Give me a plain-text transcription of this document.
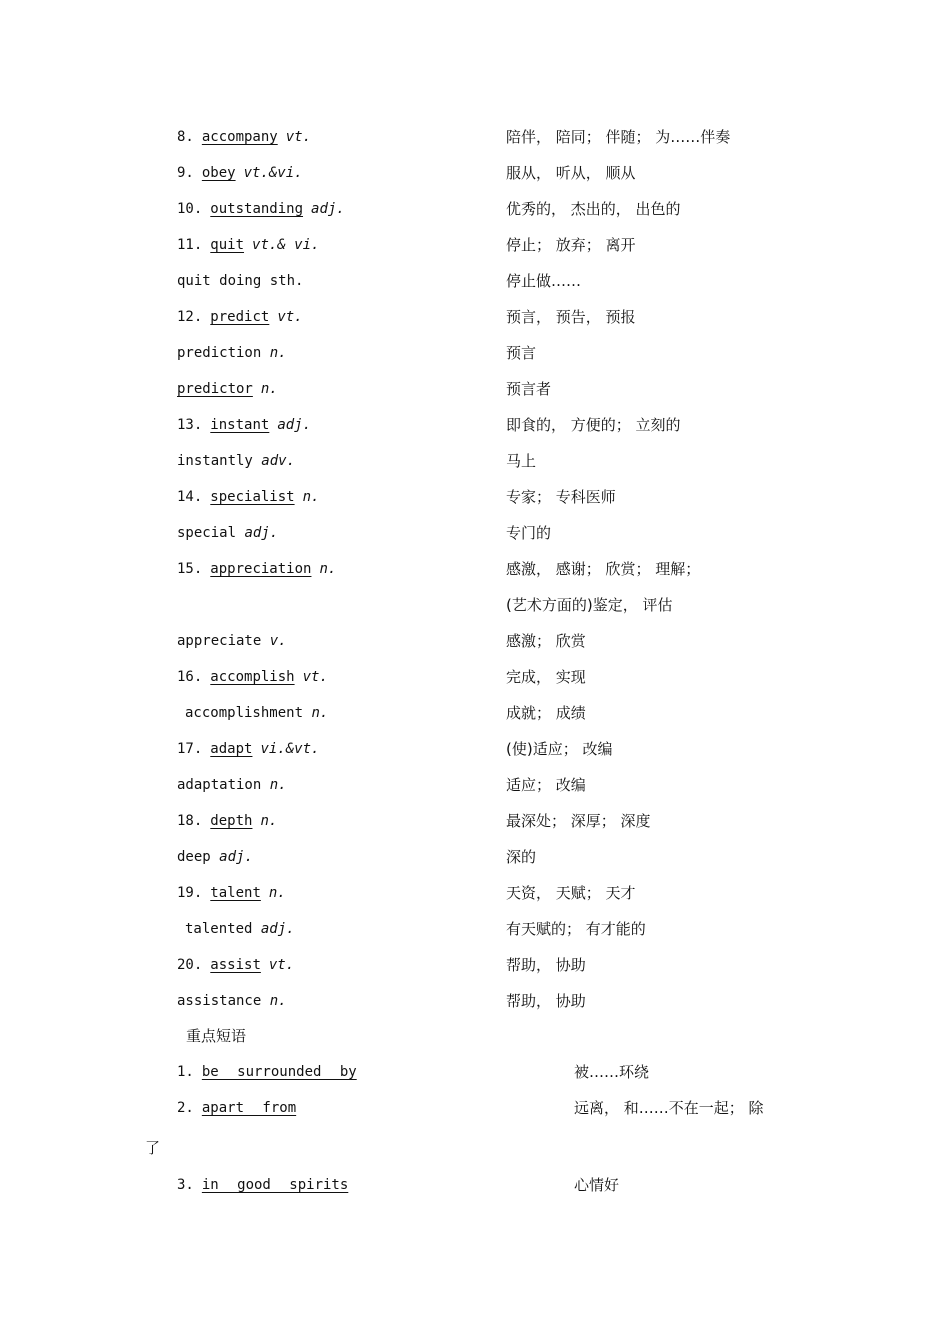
8. accompany vt.	陪伴， 陪同； 伴随； 为……伴奏
9. obey vt.&vi.	服从， 听从， 顺从
10. outstanding adj.	优秀的， 杰出的， 出色的
11. quit vt.& vi.	停止； 放弃； 离开
quit doing sth.	停止做……
12. predict vt.	预言， 预告， 预报
prediction n.	预言
predictor n.	预言者
13. instant adj.	即食的， 方便的； 立刻的
instantly adv.	马上
14. specialist n.	专家； 专科医师
special adj.	专门的
15. appreciation n.	感激， 感谢； 欣赏； 理解；
(艺术方面的)鉴定， 评估
appreciate v.	感激； 欣赏
16. accomplish vt.	完成， 实现
accomplishment n.	成就； 成绩
17. adapt vi.&vt.	(使)适应； 改编
adaptation n.	适应； 改编
18. depth n.	最深处； 深厚； 深度
deep adj.	深的
19. talent n.	天资， 天赋； 天才
talented adj.	有天赋的； 有才能的
20. assist vt.	帮助， 协助
assistance n.	帮助， 协助
重点短语
1. be surrounded by	被……环绕
2. apart from	远离， 和……不在一起； 除
了
3. in good spirits	心情好
